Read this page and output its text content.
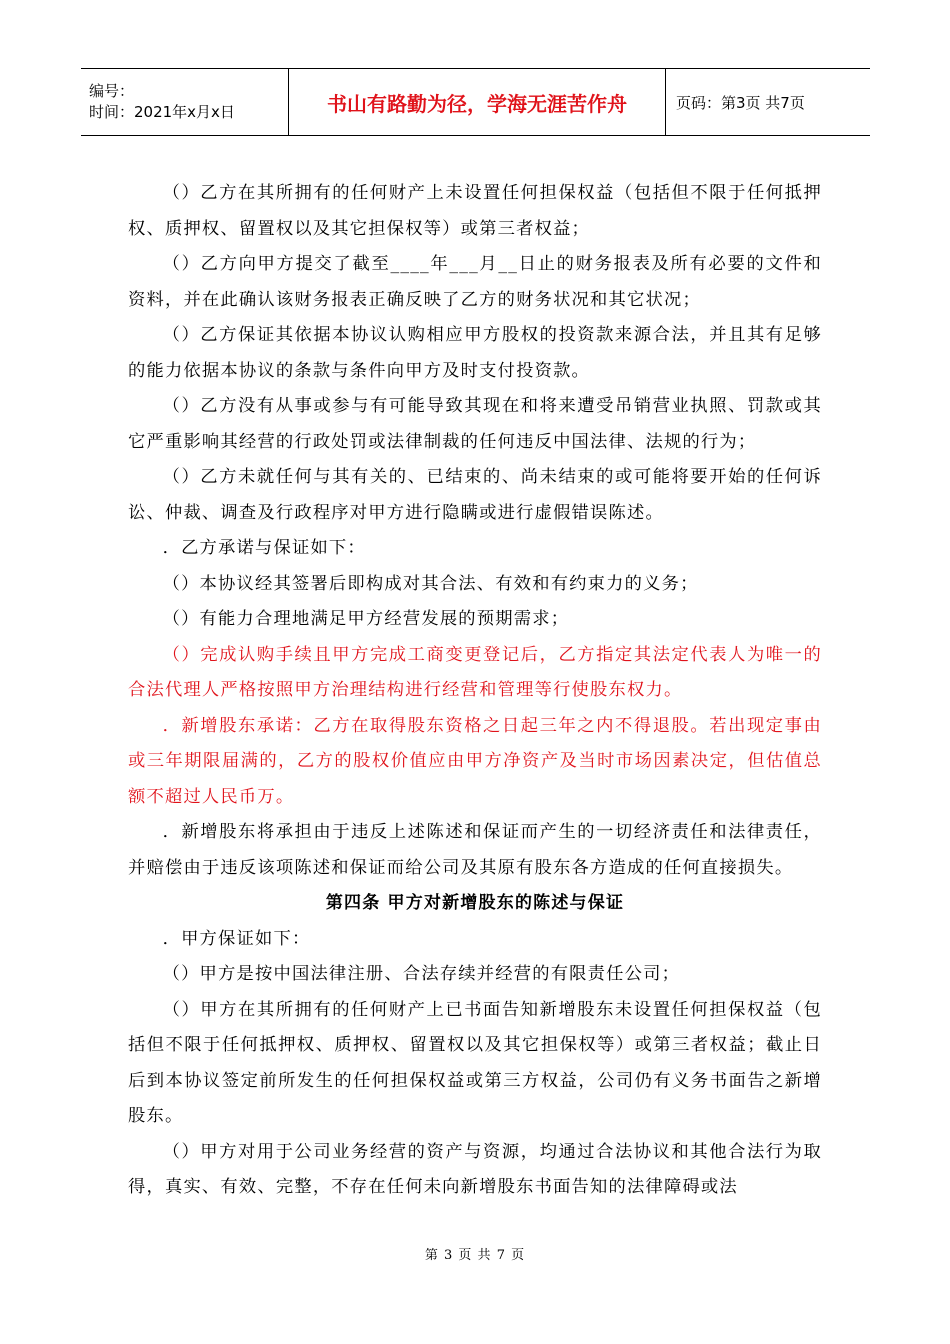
编号：
时间：2021年x月x日	书山有路勤为径，学海无涯苦作舟	页码：第3页 共7页

（）乙方在其所拥有的任何财产上未设置任何担保权益（包括但不限于任何抵押权、质押权、留置权以及其它担保权等）或第三者权益；

（）乙方向甲方提交了截至____年___月__日止的财务报表及所有必要的文件和资料，并在此确认该财务报表正确反映了乙方的财务状况和其它状况；

（）乙方保证其依据本协议认购相应甲方股权的投资款来源合法，并且其有足够的能力依据本协议的条款与条件向甲方及时支付投资款。

（）乙方没有从事或参与有可能导致其现在和将来遭受吊销营业执照、罚款或其它严重影响其经营的行政处罚或法律制裁的任何违反中国法律、法规的行为；

（）乙方未就任何与其有关的、已结束的、尚未结束的或可能将要开始的任何诉讼、仲裁、调查及行政程序对甲方进行隐瞒或进行虚假错误陈述。

．乙方承诺与保证如下：

（）本协议经其签署后即构成对其合法、有效和有约束力的义务；

（）有能力合理地满足甲方经营发展的预期需求；

（）完成认购手续且甲方完成工商变更登记后，乙方指定其法定代表人为唯一的合法代理人严格按照甲方治理结构进行经营和管理等行使股东权力。

．新增股东承诺：乙方在取得股东资格之日起三年之内不得退股。若出现定事由或三年期限届满的，乙方的股权价值应由甲方净资产及当时市场因素决定，但估值总额不超过人民币万。

．新增股东将承担由于违反上述陈述和保证而产生的一切经济责任和法律责任，并赔偿由于违反该项陈述和保证而给公司及其原有股东各方造成的任何直接损失。

第四条 甲方对新增股东的陈述与保证

．甲方保证如下：

（）甲方是按中国法律注册、合法存续并经营的有限责任公司；

（）甲方在其所拥有的任何财产上已书面告知新增股东未设置任何担保权益（包括但不限于任何抵押权、质押权、留置权以及其它担保权等）或第三者权益；截止日后到本协议签定前所发生的任何担保权益或第三方权益，公司仍有义务书面告之新增股东。

（）甲方对用于公司业务经营的资产与资源，均通过合法协议和其他合法行为取得，真实、有效、完整，不存在任何未向新增股东书面告知的法律障碍或法

第 3 页 共 7 页
